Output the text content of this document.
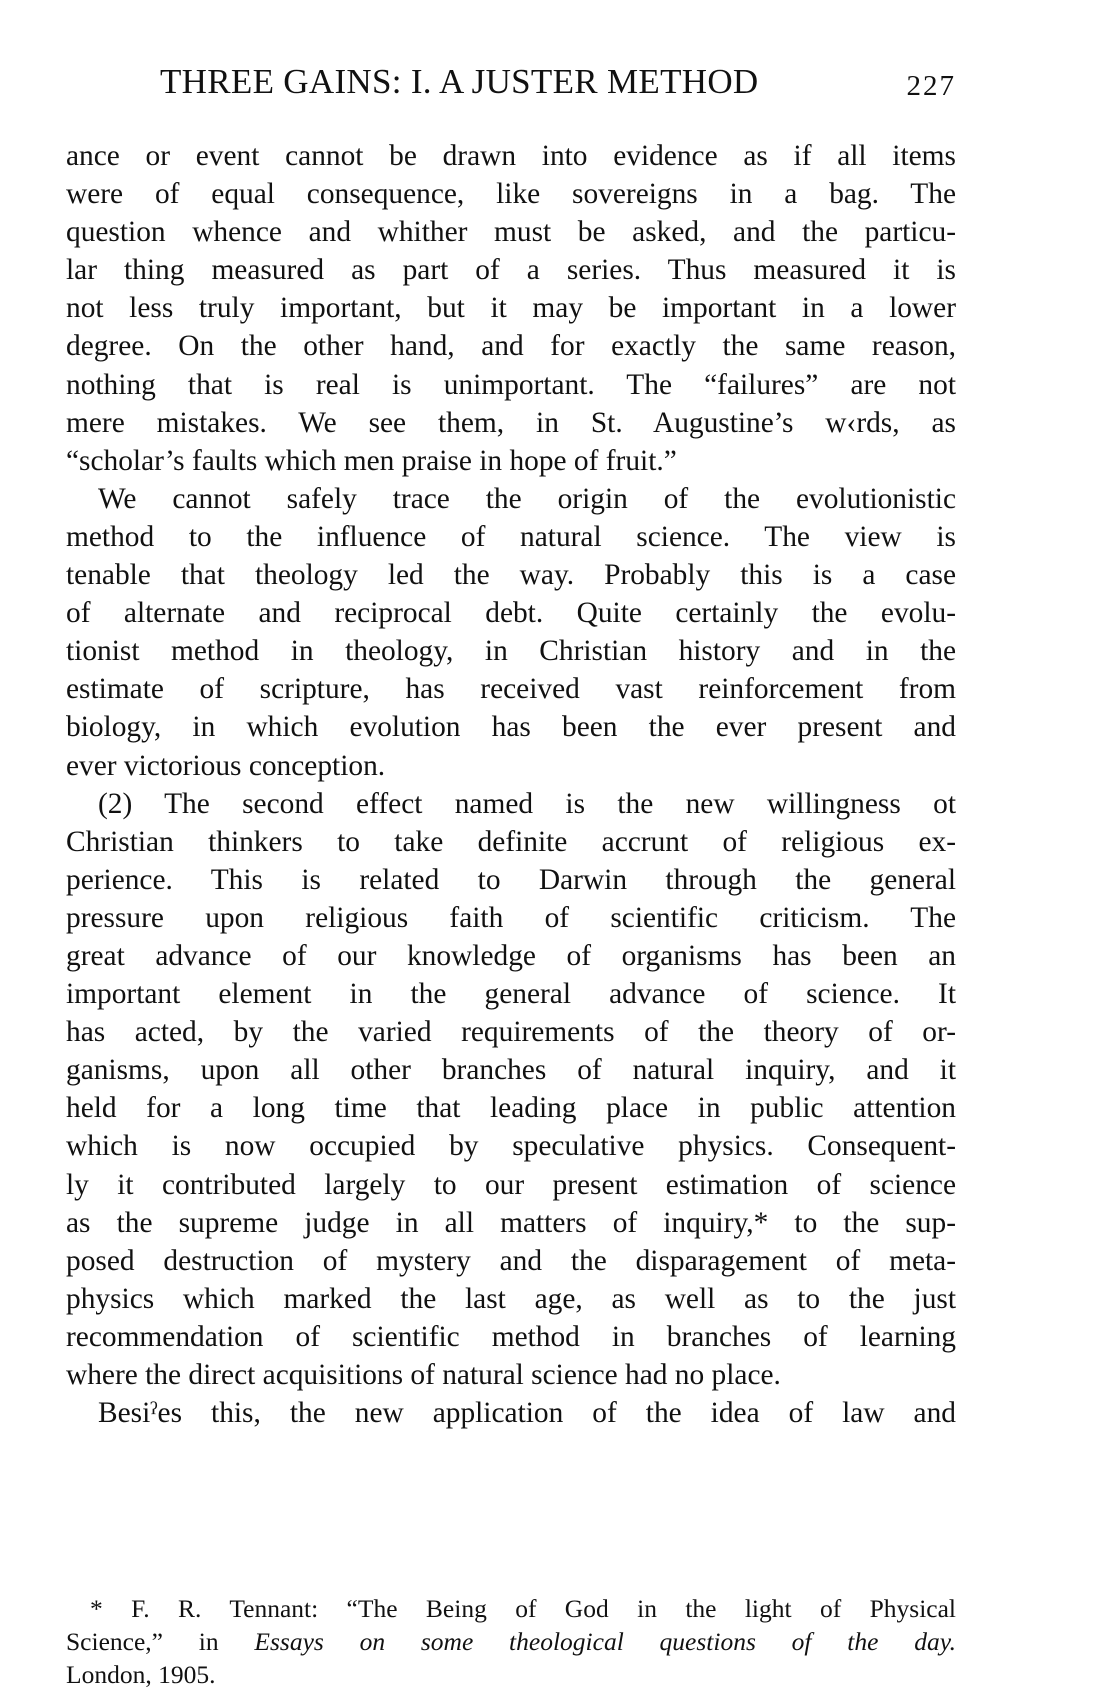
THREE GAINS: I. A JUSTER METHOD	227
ance or event cannot be drawn into evidence as if all items
were of equal consequence, like sovereigns in a bag. The
question whence and whither must be asked, and the particu-
lar thing measured as part of a series. Thus measured it is
not less truly important, but it may be important in a lower
degree. On the other hand, and for exactly the same reason,
nothing that is real is unimportant. The “failures” are not
mere mistakes. We see them, in St. Augustine’s w‹rds, as
“scholar’s faults which men praise in hope of fruit.”
We cannot safely trace the origin of the evolutionistic
method to the influence of natural science. The view is
tenable that theology led the way. Probably this is a case
of alternate and reciprocal debt. Quite certainly the evolu-
tionist method in theology, in Christian history and in the
estimate of scripture, has received vast reinforcement from
biology, in which evolution has been the ever present and
ever victorious conception.
(2) The second effect named is the new willingness ot
Christian thinkers to take definite accrunt of religious ex-
perience. This is related to Darwin through the general
pressure upon religious faith of scientific criticism. The
great advance of our knowledge of organisms has been an
important element in the general advance of science. It
has acted, by the varied requirements of the theory of or-
ganisms, upon all other branches of natural inquiry, and it
held for a long time that leading place in public attention
which is now occupied by speculative physics. Consequent-
ly it contributed largely to our present estimation of science
as the supreme judge in all matters of inquiry,* to the sup-
posed destruction of mystery and the disparagement of meta-
physics which marked the last age, as well as to the just
recommendation of scientific method in branches of learning
where the direct acquisitions of natural science had no place.
Besiˀes this, the new application of the idea of law and
* F. R. Tennant: “The Being of God in the light of Physical
Science,” in Essays on some theological questions of the day.
London, 1905.
